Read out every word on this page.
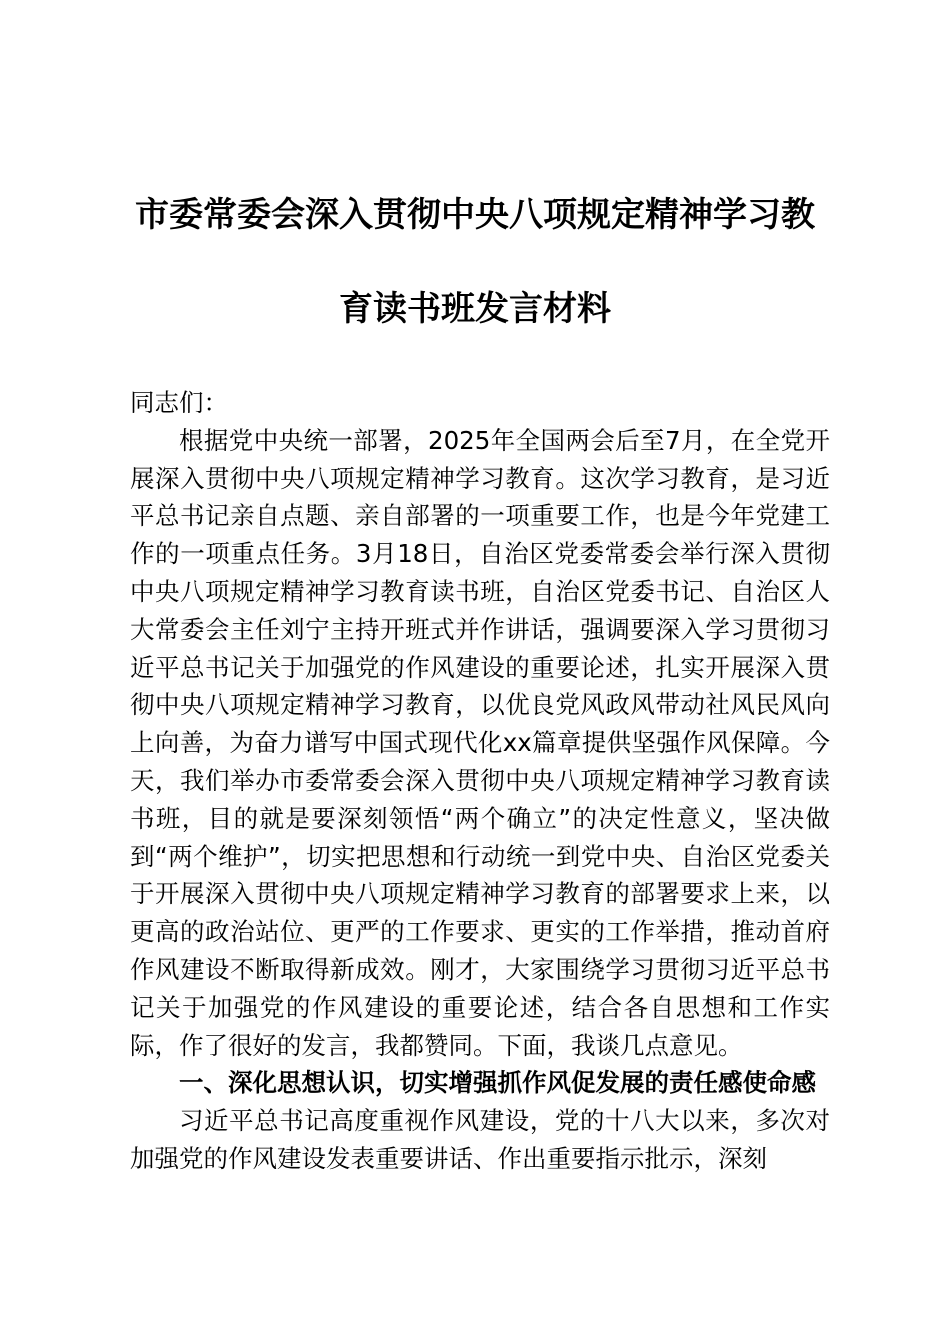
市委常委会深入贯彻中央八项规定精神学习教
育读书班发言材料

同志们：

根据党中央统一部署，2025年全国两会后至7月，在全党开展深入贯彻中央八项规定精神学习教育。这次学习教育，是习近平总书记亲自点题、亲自部署的一项重要工作，也是今年党建工作的一项重点任务。3月18日，自治区党委常委会举行深入贯彻中央八项规定精神学习教育读书班，自治区党委书记、自治区人大常委会主任刘宁主持开班式并作讲话，强调要深入学习贯彻习近平总书记关于加强党的作风建设的重要论述，扎实开展深入贯彻中央八项规定精神学习教育，以优良党风政风带动社风民风向上向善，为奋力谱写中国式现代化xx篇章提供坚强作风保障。今天，我们举办市委常委会深入贯彻中央八项规定精神学习教育读书班，目的就是要深刻领悟“两个确立”的决定性意义，坚决做到“两个维护”，切实把思想和行动统一到党中央、自治区党委关于开展深入贯彻中央八项规定精神学习教育的部署要求上来，以更高的政治站位、更严的工作要求、更实的工作举措，推动首府作风建设不断取得新成效。刚才，大家围绕学习贯彻习近平总书记关于加强党的作风建设的重要论述，结合各自思想和工作实际，作了很好的发言，我都赞同。下面，我谈几点意见。

一、深化思想认识，切实增强抓作风促发展的责任感使命感

习近平总书记高度重视作风建设，党的十八大以来，多次对加强党的作风建设发表重要讲话、作出重要指示批示，深刻
